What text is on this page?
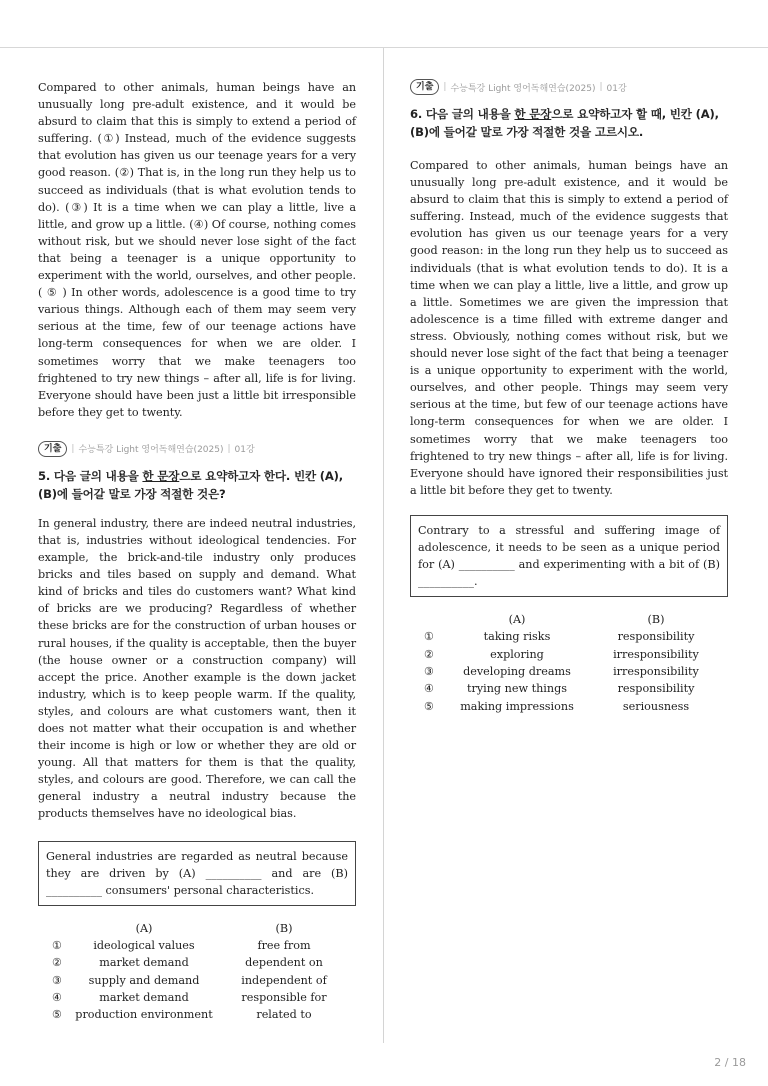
Compared to other animals, human beings have an unusually long pre-adult existence, and it would be absurd to claim that this is simply to extend a period of suffering. (①) Instead, much of the evidence suggests that evolution has given us our teenage years for a very good reason. (②) That is, in the long run they help us to succeed as individuals (that is what evolution tends to do). (③) It is a time when we can play a little, live a little, and grow up a little. (④) Of course, nothing comes without risk, but we should never lose sight of the fact that being a teenager is a unique opportunity to experiment with the world, ourselves, and other people. ( ⑤ ) In other words, adolescence is a good time to try various things. Although each of them may seem very serious at the time, few of our teenage actions have long-term consequences for when we are older. I sometimes worry that we make teenagers too frightened to try new things – after all, life is for living. Everyone should have been just a little bit irresponsible before they get to twenty.

기출	| 수능특강 Light 영어독해연습(2025) | 01강
5. 다음 글의 내용을 한 문장으로 요약하고자 한다. 빈칸 (A), (B)에 들어갈 말로 가장 적절한 것은?

In general industry, there are indeed neutral industries, that is, industries without ideological tendencies. For example, the brick-and-tile industry only produces bricks and tiles based on supply and demand. What kind of bricks and tiles do customers want? What kind of bricks are we producing? Regardless of whether these bricks are for the construction of urban houses or rural houses, if the quality is acceptable, then the buyer (the house owner or a construction company) will accept the price. Another example is the down jacket industry, which is to keep people warm. If the quality, styles, and colours are what customers want, then it does not matter what their occupation is and whether their income is high or low or whether they are old or young. All that matters for them is that the quality, styles, and colours are good. Therefore, we can call the general industry a neutral industry because the products themselves have no ideological bias.

General industries are regarded as neutral because they are driven by (A) __________ and are (B) __________ consumers' personal characteristics.
	(A)	(B)
①	ideological values	free from
②	market demand	dependent on
③	supply and demand	independent of
④	market demand	responsible for
⑤	production environment	related to
기출	| 수능특강 Light 영어독해연습(2025) | 01강
6. 다음 글의 내용을 한 문장으로 요약하고자 할 때, 빈칸 (A), (B)에 들어갈 말로 가장 적절한 것을 고르시오.

Compared to other animals, human beings have an unusually long pre-adult existence, and it would be absurd to claim that this is simply to extend a period of suffering. Instead, much of the evidence suggests that evolution has given us our teenage years for a very good reason: in the long run they help us to succeed as individuals (that is what evolution tends to do). It is a time when we can play a little, live a little, and grow up a little. Sometimes we are given the impression that adolescence is a time filled with extreme danger and stress. Obviously, nothing comes without risk, but we should never lose sight of the fact that being a teenager is a unique opportunity to experiment with the world, ourselves, and other people. Things may seem very serious at the time, but few of our teenage actions have long-term consequences for when we are older. I sometimes worry that we make teenagers too frightened to try new things – after all, life is for living. Everyone should have ignored their responsibilities just a little bit before they get to twenty.

Contrary to a stressful and suffering image of adolescence, it needs to be seen as a unique period for (A) __________ and experimenting with a bit of (B) __________.
	(A)	(B)
①	taking risks	responsibility
②	exploring	irresponsibility
③	developing dreams	irresponsibility
④	trying new things	responsibility
⑤	making impressions	seriousness
2 / 18
